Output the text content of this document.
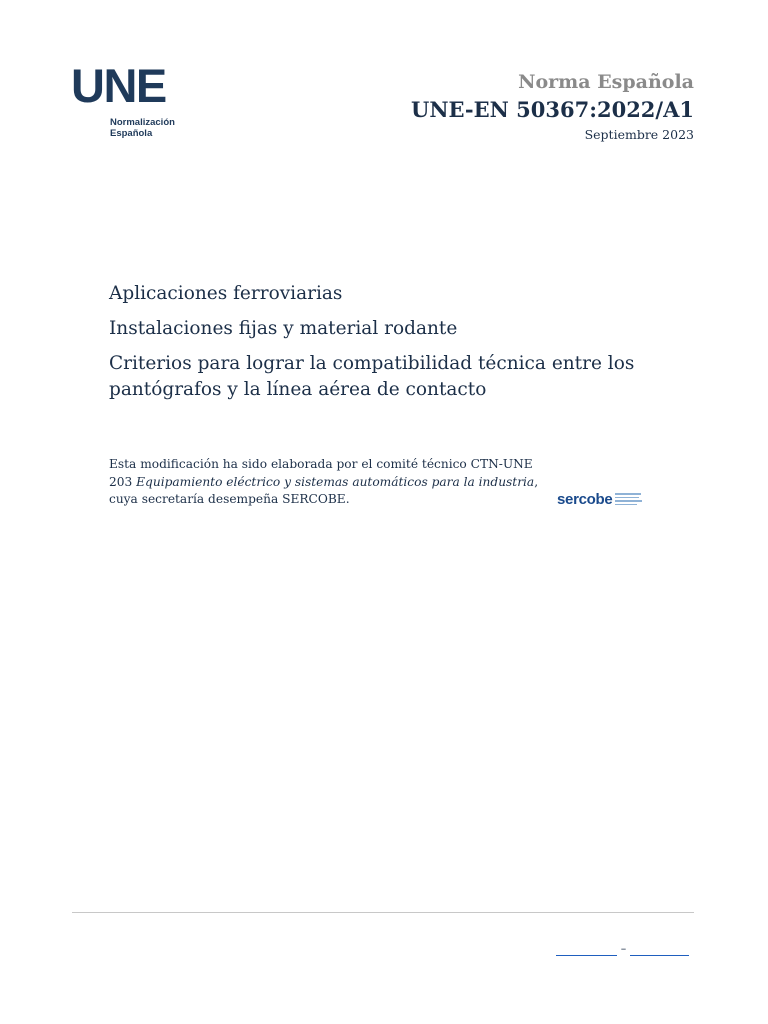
UNE
Normalización
Española
Norma Española
UNE-EN 50367:2022/A1
Septiembre 2023

Aplicaciones ferroviarias

Instalaciones fijas y material rodante

Criterios para lograr la compatibilidad técnica entre los pantógrafos y la línea aérea de contacto

Esta modificación ha sido elaborada por el comité técnico CTN-UNE 203 Equipamiento eléctrico y sistemas automáticos para la industria, cuya secretaría desempeña SERCOBE.	sercobe
–
